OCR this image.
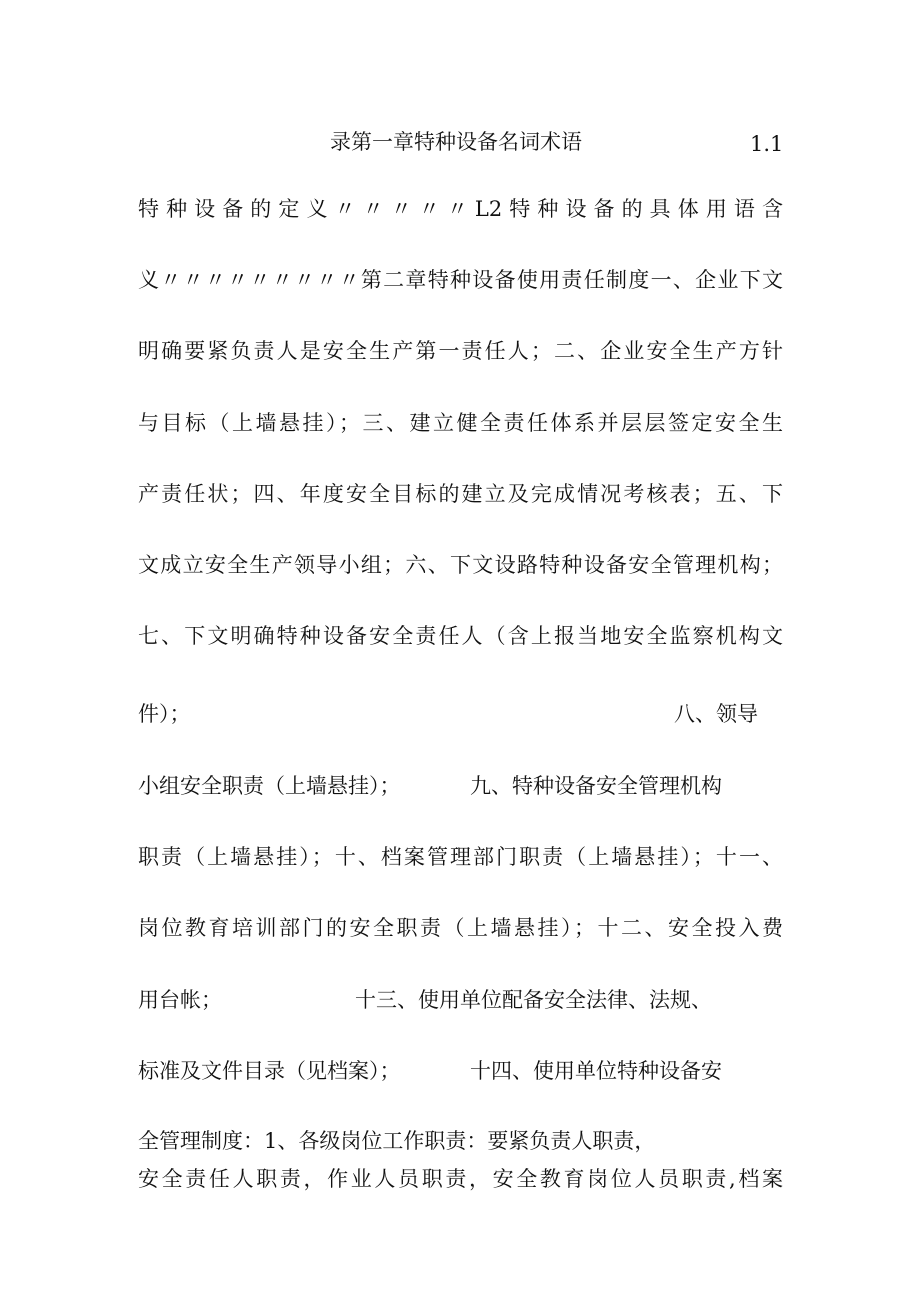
录第一章特种设备名词术语	1.1
特种设备的定义〃〃〃〃〃L2特种设备的具体用语含
义〃〃〃〃〃〃〃〃〃第二章特种设备使用责任制度一、企业下文
明确要紧负责人是安全生产第一责任人；二、企业安全生产方针
与目标（上墙悬挂）；三、建立健全责任体系并层层签定安全生
产责任状；四、年度安全目标的建立及完成情况考核表；五、下
文成立安全生产领导小组；六、下文设路特种设备安全管理机构；
七、下文明确特种设备安全责任人（含上报当地安全监察机构文
件）；	八、领导
小组安全职责（上墙悬挂）；	九、特种设备安全管理机构
职责（上墙悬挂）；十、档案管理部门职责（上墙悬挂）；十一、
岗位教育培训部门的安全职责（上墙悬挂）；十二、安全投入费
用台帐；	十三、使用单位配备安全法律、法规、
标准及文件目录（见档案）；	十四、使用单位特种设备安
全管理制度：1、各级岗位工作职责：要紧负责人职责，
安全责任人职责，作业人员职责，安全教育岗位人员职责,档案
